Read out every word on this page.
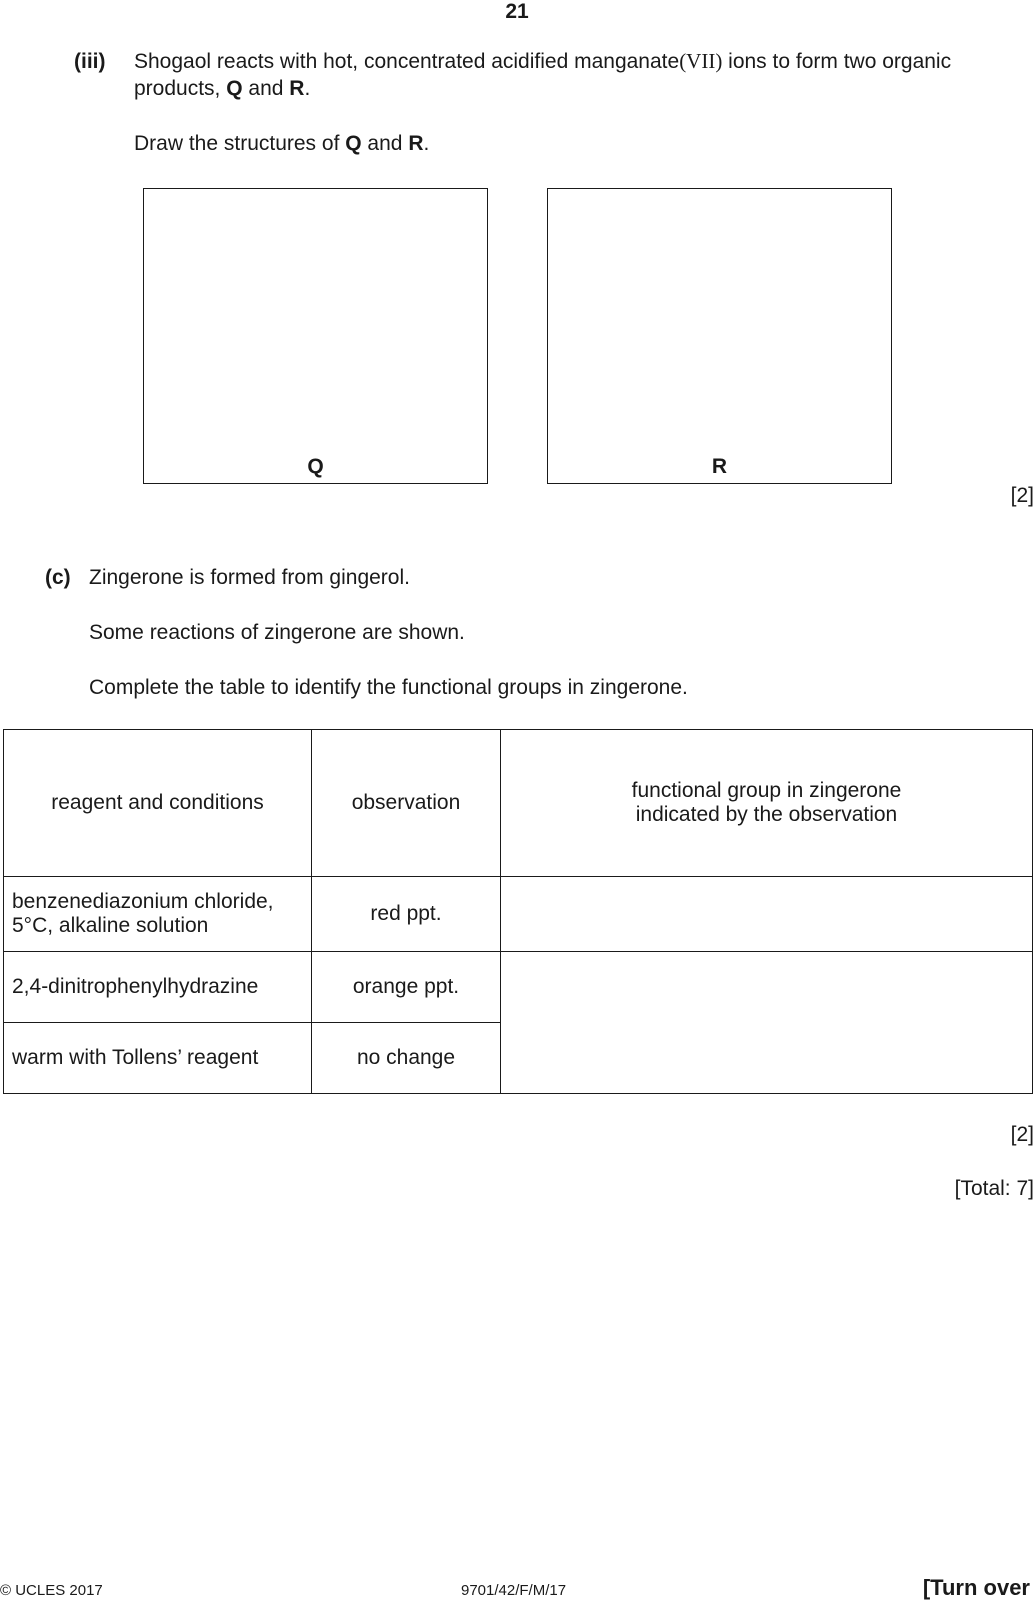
21
(iii) Shogaol reacts with hot, concentrated acidified manganate(VII) ions to form two organic
products, Q and R.
Draw the structures of Q and R.
Q	R
[2]
(c) Zingerone is formed from gingerol.
Some reactions of zingerone are shown.
Complete the table to identify the functional groups in zingerone.
reagent and conditions	observation	functional group in zingerone
indicated by the observation

benzenediazonium chloride,
5°C, alkaline solution	red ppt.	
2,4-dinitrophenylhydrazine	orange ppt.	
warm with Tollens’ reagent	no change	
[2]
[Total: 7]
© UCLES 2017	9701/42/F/M/17	[Turn over
